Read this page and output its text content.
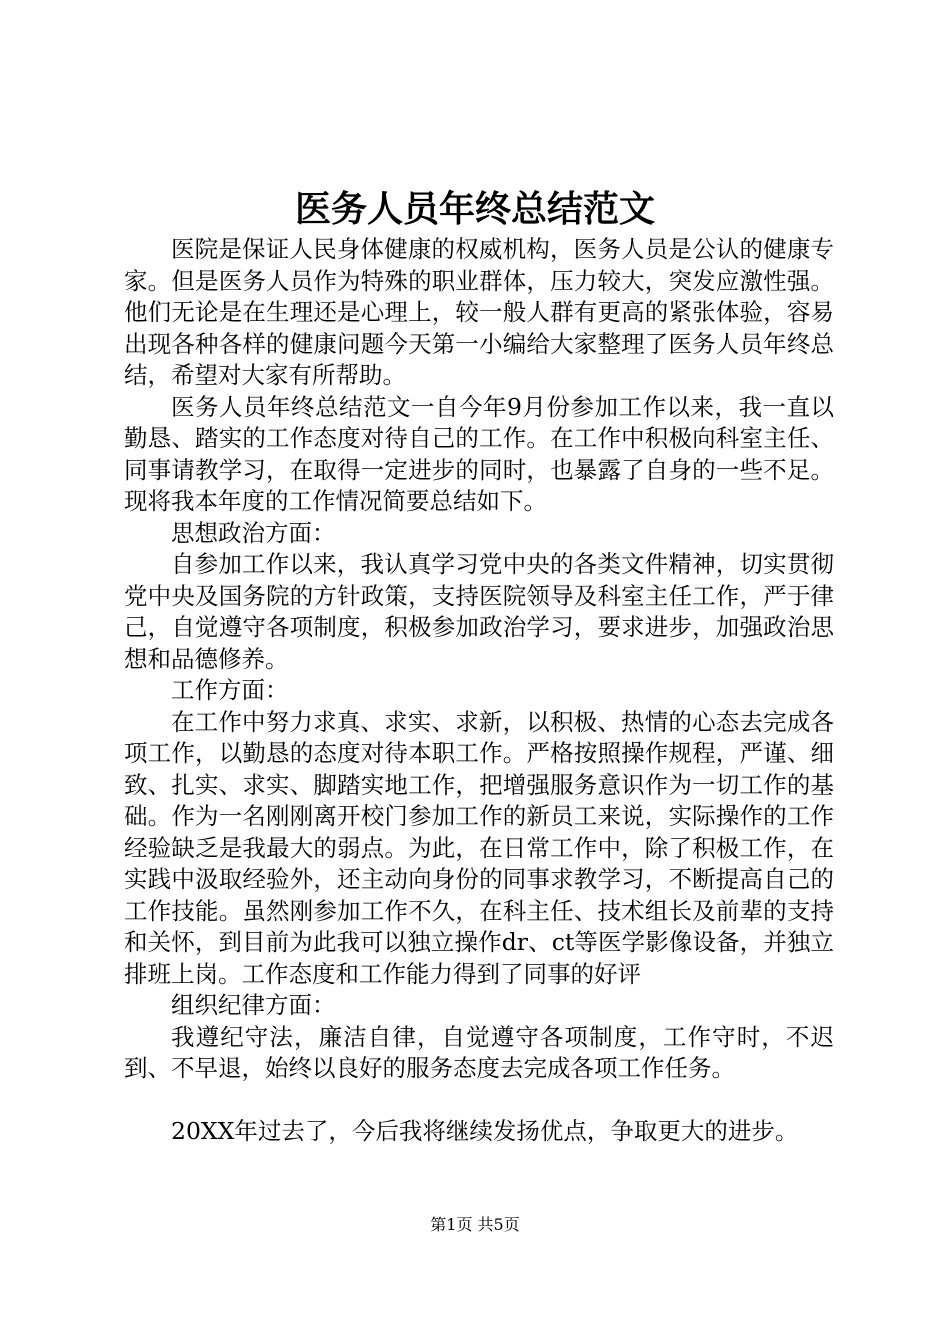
医务人员年终总结范文

医院是保证人民身体健康的权威机构，医务人员是公认的健康专家。但是医务人员作为特殊的职业群体，压力较大，突发应激性强。他们无论是在生理还是心理上，较一般人群有更高的紧张体验，容易出现各种各样的健康问题今天第一小编给大家整理了医务人员年终总结，希望对大家有所帮助。

医务人员年终总结范文一自今年9月份参加工作以来，我一直以勤恳、踏实的工作态度对待自己的工作。在工作中积极向科室主任、同事请教学习，在取得一定进步的同时，也暴露了自身的一些不足。现将我本年度的工作情况简要总结如下。

思想政治方面：

自参加工作以来，我认真学习党中央的各类文件精神，切实贯彻党中央及国务院的方针政策，支持医院领导及科室主任工作，严于律己，自觉遵守各项制度，积极参加政治学习，要求进步，加强政治思想和品德修养。

工作方面：

在工作中努力求真、求实、求新，以积极、热情的心态去完成各项工作，以勤恳的态度对待本职工作。严格按照操作规程，严谨、细致、扎实、求实、脚踏实地工作，把增强服务意识作为一切工作的基础。作为一名刚刚离开校门参加工作的新员工来说，实际操作的工作经验缺乏是我最大的弱点。为此，在日常工作中，除了积极工作，在实践中汲取经验外，还主动向身份的同事求教学习，不断提高自己的工作技能。虽然刚参加工作不久，在科主任、技术组长及前辈的支持和关怀，到目前为此我可以独立操作dr、ct等医学影像设备，并独立排班上岗。工作态度和工作能力得到了同事的好评

组织纪律方面：

我遵纪守法，廉洁自律，自觉遵守各项制度，工作守时，不迟到、不早退，始终以良好的服务态度去完成各项工作任务。

20XX年过去了，今后我将继续发扬优点，争取更大的进步。

第1页 共5页
